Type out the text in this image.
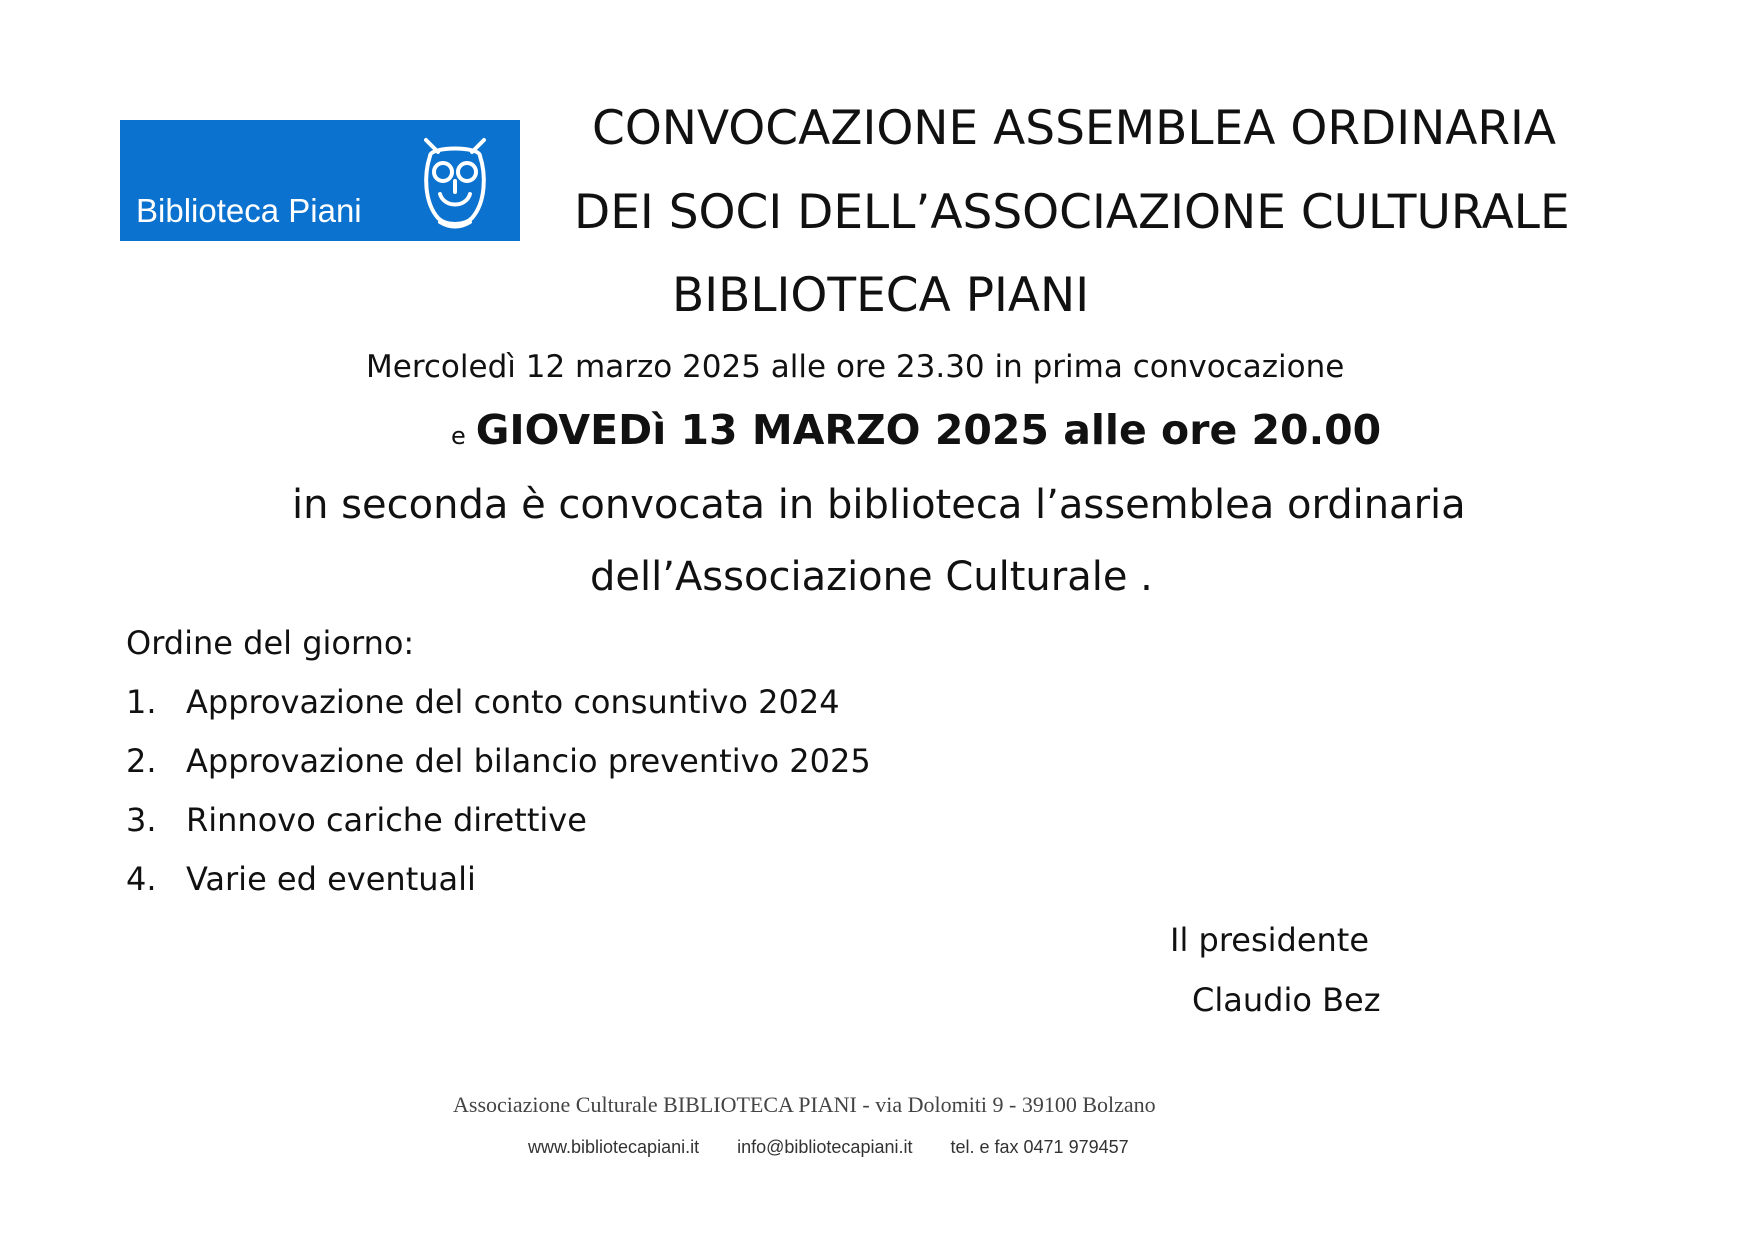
Biblioteca Piani
CONVOCAZIONE ASSEMBLEA ORDINARIA
DEI SOCI DELL’ASSOCIAZIONE CULTURALE
BIBLIOTECA PIANI
Mercoledì 12 marzo 2025 alle ore 23.30 in prima convocazione
e GIOVEDì 13 MARZO 2025 alle ore 20.00
in seconda è convocata in biblioteca l’assemblea ordinaria
dell’Associazione Culturale .
Ordine del giorno:
1. Approvazione del conto consuntivo 2024
2. Approvazione del bilancio preventivo 2025
3. Rinnovo cariche direttive
4. Varie ed eventuali
Il presidente
Claudio Bez
Associazione Culturale BIBLIOTECA PIANI - via Dolomiti 9 - 39100 Bolzano
www.bibliotecapiani.it info@bibliotecapiani.it tel. e fax 0471 979457
